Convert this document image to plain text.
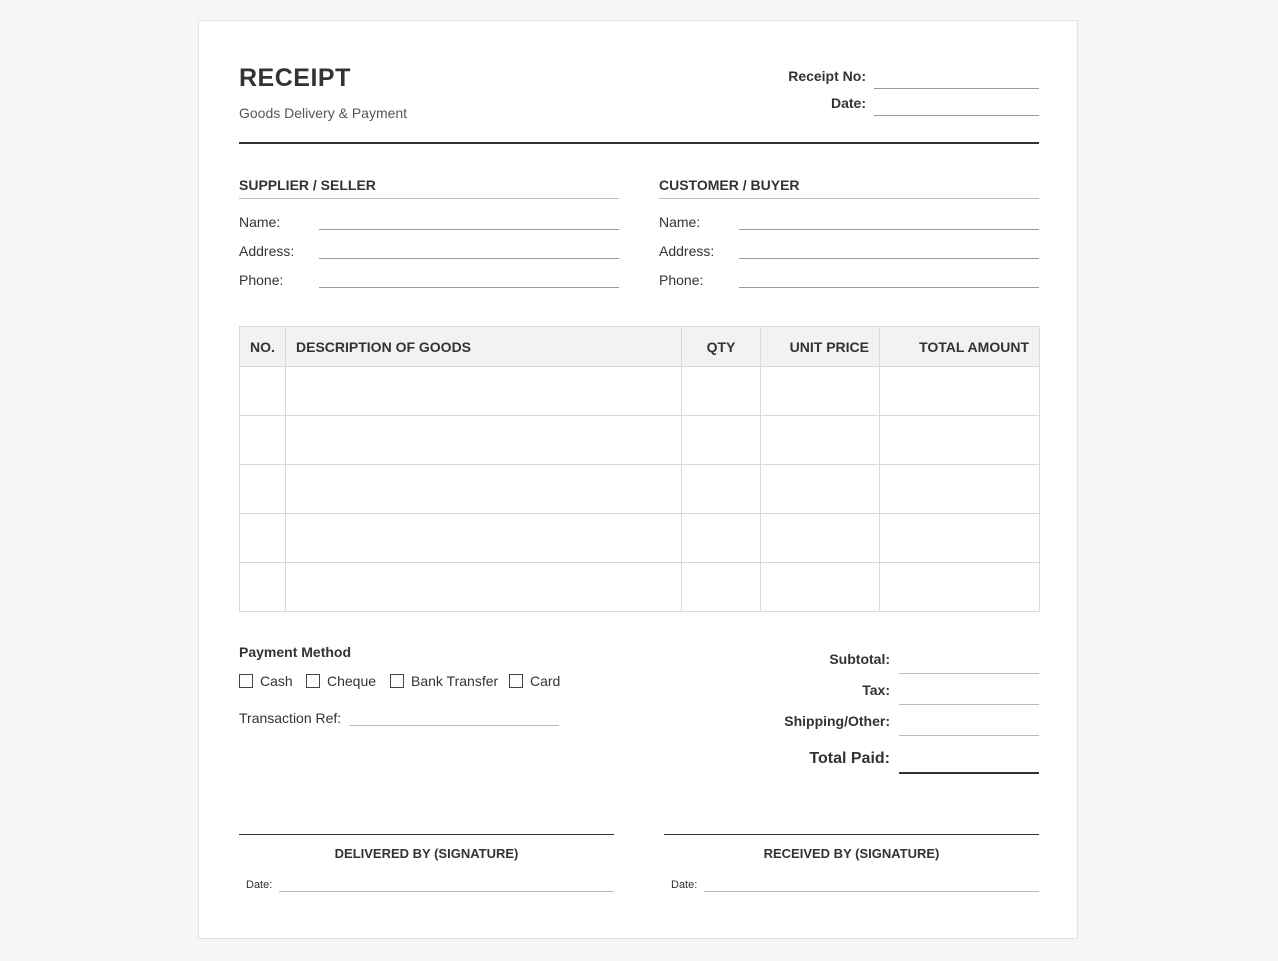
RECEIPT
Goods Delivery & Payment
Receipt No:
Date:
SUPPLIER / SELLER
Name:
Address:
Phone:
CUSTOMER / BUYER
Name:
Address:
Phone:
NO.	DESCRIPTION OF GOODS	QTY	UNIT PRICE	TOTAL AMOUNT

Payment Method
Cash Cheque Bank Transfer Card
Transaction Ref:
Subtotal:
Tax:
Shipping/Other:
Total Paid:
DELIVERED BY (SIGNATURE)
Date:
RECEIVED BY (SIGNATURE)
Date:
